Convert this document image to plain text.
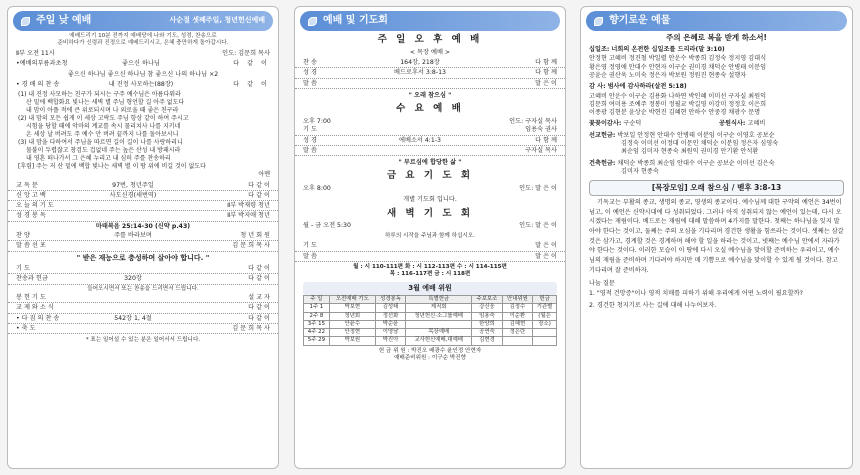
주일 낮 예배	사순절 셋째주일, 청년헌신예배
예배드리기 10분 전까지 예배당에 나와 기도, 성경, 찬송으로
준비하다가 신령과 진정으로 예배드리시고, 은혜 충만하게 돌아갑시다.
Ⅱ부 오전 11시	인도: 김문희 목사
•예배의부름과초청	좋으신 하나님	다 같 이
좋으신 하나님 좋으신 하나님 참 좋으신 나의 하나님 ×2
• 경 배 의 찬 송	내 진정 사모하는(88장)	다 같 이
(1) 내 진정 사모하는 친구가 되시는 구주 예수님은 아름다워라
산 밑에 백합화요 빛나는 새벽 별 주님 형언할 길 아주 없도다
내 맘이 아플 적에 큰 위로되시며 나 외로울 때 좋은 친구라
(2) 내 맘의 모든 쉽게 이 세상 고락도 주님 항상 같이 하여 주시고
시험을 당할 때에 악마의 계교를 속시 물리치사 나를 지키네
온 세상 날 버려도 주 예수 안 버려 끝까지 나를 돌아보시니
(3) 내 맘을 다하여서 주님을 따르면 길이 길이 나를 사랑하리니
물불이 두렵잖고 창검도 겁없네 주는 높은 산성 내 방패시라
내 영혼 떠나가서 그 은혜 누리고 내 심히 주를 찬송하리
[후렴] 주는 저 산 밑에 백합 빛나는 새벽 별 이 땅 위에 비길 것이 없도다
아멘
교 독 문	97번, 청년주일	다 같 이
신 앙 고 백	사도신경(새번역)	다 같 이
오 늘 의 기 도	Ⅱ부 박재령 청년
성 경 봉 독	Ⅱ부 박지애 청년
마태복음 25:14-30 (신약 p.43)
찬 양	주를 바라보며	청 년 회 원
말 씀 선 포	김 문 희 목 사
" 받은 재능으로 충성하며 살아야 합니다. "
기 도	다 같 이
찬송과 헌금	320장	다 같 이
들어오시면서 또는 찬송을 드리면서 드립니다.
봉 헌 기 도	설 교 자
교 제 와 소 식	다 같 이
• 다 짐 의 찬 송	542장 1, 4절	다 같 이
• 축 도	김 문 희 목 사
* 표는 일어설 수 있는 분은 일어서서 드립니다.
예배 및 기도회
주 일 오 후 예 배
< 목장 예배 >
찬 송	164장, 218장	다 함 께
성 경	베드로후서 3:8-13	다 함 께
말 씀	말 은 이
" 오래 참으심 "
수 요 예 배
오후 7:00	인도: 구자실 목사
기 도	임용숙 권사
성 경	에베소서 4:1-3	다 함 께
말 씀	구자실 목사
" 부르심에 합당한 삶 "
금 요 기 도 회
오후 8:00	인도: 말 은 이
개별 기도회 입니다.
새 벽 기 도 회
월 - 금 오전 5:30	인도: 말 은 이
하루의 시작을 주님과 함께 하십시오.
기 도	말 은 이
말 씀	말 은 이
월 : 시 110-111편 화 : 시 112-113편 수 : 시 114-115편
목 : 116-117편 금 : 시 118편
3월 예배 위원
주 일	오전예배 기도	성경봉독	특별헌금	주보보조	안내위원	헌금
1주 1	박보현	김성태	제직회	강신웅	김정수	기관별
2주 8	청년회	정선화	청년헌신·소그룹예배	임용숙	이순환	(월은
3주 15	안윤수	박순윤		한양희	김혜현	장소)
4주 22	안정현	이영남	목장예배	공연숙	정은란	
5주 29	박보원	박진아	교사헌신예배,대예배	김현경		
헌 금 위 원 : 박진오 배광수 윤인정 안현자
예배준비위원 : 이구순 박진향
향기로운 예물
주의 은혜로 복을 받게 하소서!
십일조: 너희의 온전한 십일조를 드리라(말 3:10)
안정현 고혜비 정진철 박일렬 안운수 박종희 김정숙 정지영 김대식
황은영 정영애 안대수 안현자 이구순 권미경 채덕순 안병태 이분임
공윤순 권산욱 노미숙 정은자 박보원 정원진 현종숙 설행자
감 사: 범사에 감사하라(살전 5:18)
고혜비 안운수 이구순 김용화 나하연 박인혜 이미선 구자실 최원익
김문희 여미용 조예주 정봉미 정필교 박길영 이강미 정정호 이은희
이종광 김현분 윤상순 박현진 김혜현 안하수 안중경 채광수 문명
꽃꽂이감사: 구순덕	공원식사: 고혜비
선교헌금: 박보일 안정현 안대수 안병태 이분임 이구순 이영호 공보순
김정숙 이미선 이정대 이문인 채덕순 이분임 정은자 심영숙
최순임 김미자 현종숙 최원익 권미경 안기환 안석환
건축헌금: 채덕순 박종희 최순임 안대수 이구순 공보순 이미선 김은숙
김미자 현종숙
[목장모임] 오래 참으심 / 벧후 3:8-13
기독교는 부활의 종교, 생명의 종교, 영생의 종교이다. 예수님께 대한 구약의 예언은 34번이 넘고, 이 예언은 신약시대에 다 성취되었다. 그러나 아직 성취되지 않는 예언이 있는데, 다시 오시겠다는 재림이다. 베드로는 재림에 대해 말씀하며 4가지를 말한다. 첫째는 하나님을 잊지 말아야 한다는 것이고, 둘째는 주의 오심을 기다리며 경건한 생활을 힘쓰라는 것이다. 셋째는 삼갈 것은 삼가고, 경계할 것은 경계하며 해야 할 일을 하라는 것이고, 넷째는 예수님 안에서 자라가야 한다는 것이다. 이러한 모습이 이 땅에 다시 오실 예수님을 맞이할 준비하는 우리이고, 예수님의 재림을 준비하며 기다려야 하지만 매 기쁨으로 예수님을 맞이할 수 있게 될 것이다. 참고 기다리며 잘 준비하자.
나눔 질문
1. "영적 건망증"이나 영적 치매를 피하기 위해 우리에게 어떤 노력이 필요할까?
2. 경건한 청지기로 사는 길에 대해 나누어보자.
